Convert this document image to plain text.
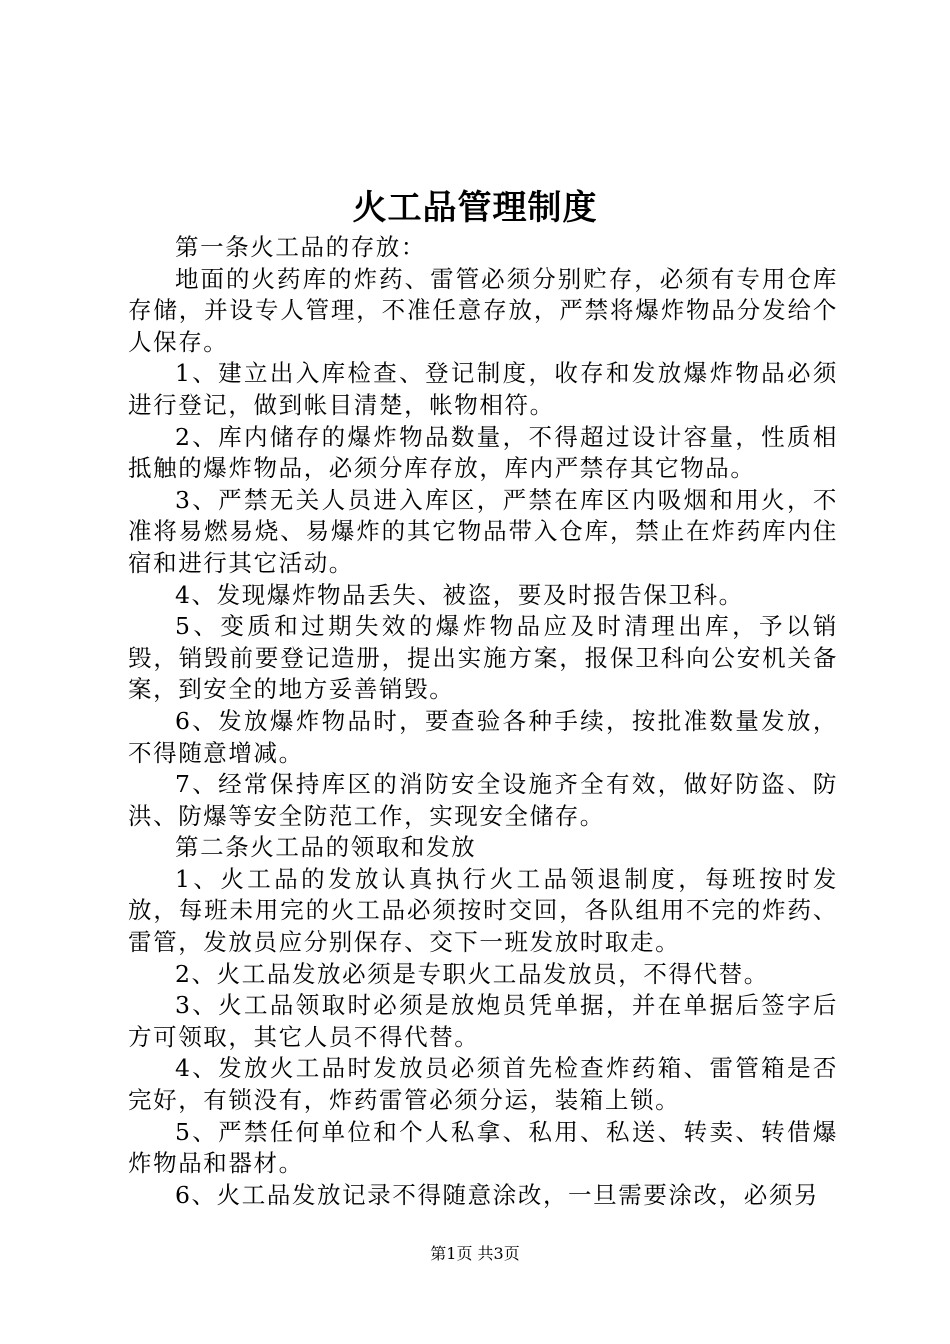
火工品管理制度

第一条火工品的存放：

地面的火药库的炸药、雷管必须分别贮存，必须有专用仓库存储，并设专人管理，不准任意存放，严禁将爆炸物品分发给个人保存。

1、建立出入库检查、登记制度，收存和发放爆炸物品必须进行登记，做到帐目清楚，帐物相符。

2、库内储存的爆炸物品数量，不得超过设计容量，性质相抵触的爆炸物品，必须分库存放，库内严禁存其它物品。

3、严禁无关人员进入库区，严禁在库区内吸烟和用火，不准将易燃易烧、易爆炸的其它物品带入仓库，禁止在炸药库内住宿和进行其它活动。

4、发现爆炸物品丢失、被盗，要及时报告保卫科。

5、变质和过期失效的爆炸物品应及时清理出库，予以销毁，销毁前要登记造册，提出实施方案，报保卫科向公安机关备案，到安全的地方妥善销毁。

6、发放爆炸物品时，要查验各种手续，按批准数量发放，不得随意增减。

7、经常保持库区的消防安全设施齐全有效，做好防盗、防洪、防爆等安全防范工作，实现安全储存。

第二条火工品的领取和发放

1、火工品的发放认真执行火工品领退制度，每班按时发放，每班未用完的火工品必须按时交回，各队组用不完的炸药、雷管，发放员应分别保存、交下一班发放时取走。

2、火工品发放必须是专职火工品发放员，不得代替。

3、火工品领取时必须是放炮员凭单据，并在单据后签字后方可领取，其它人员不得代替。

4、发放火工品时发放员必须首先检查炸药箱、雷管箱是否完好，有锁没有，炸药雷管必须分运，装箱上锁。

5、严禁任何单位和个人私拿、私用、私送、转卖、转借爆炸物品和器材。

6、火工品发放记录不得随意涂改，一旦需要涂改，必须另

第1页 共3页
